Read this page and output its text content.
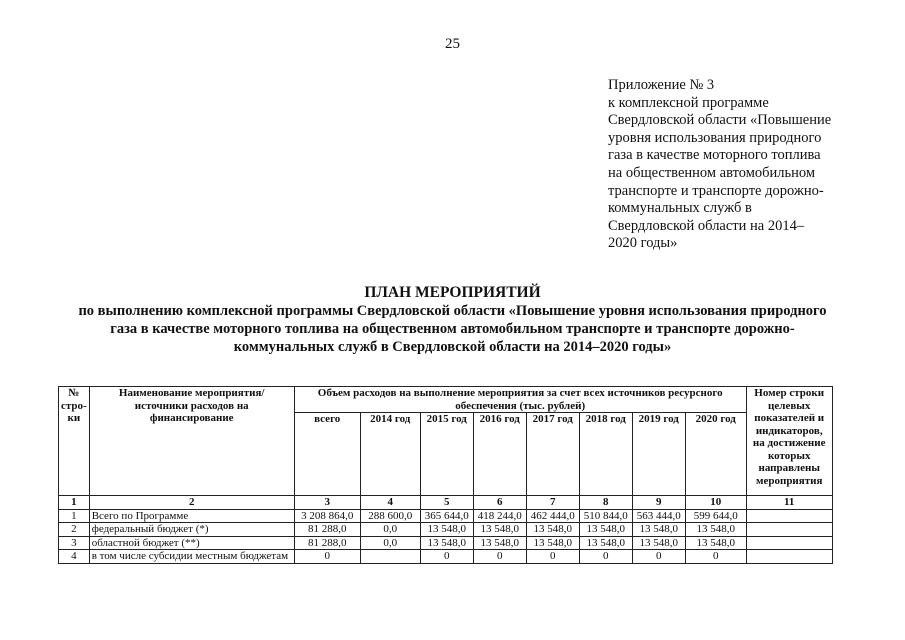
25
Приложение № 3
к комплексной программе
Свердловской области «Повышение
уровня использования природного
газа в качестве моторного топлива
на общественном автомобильном
транспорте и транспорте дорожно-
коммунальных служб в
Свердловской области на 2014–
2020 годы»
ПЛАН МЕРОПРИЯТИЙ
по выполнению комплексной программы Свердловской области «Повышение уровня использования природного
газа в качестве моторного топлива на общественном автомобильном транспорте и транспорте дорожно-
коммунальных служб в Свердловской области на 2014–2020 годы»
№ стро- ки	Наименование мероприятия/ источники расходов на финансирование	Объем расходов на выполнение мероприятия за счет всех источников ресурсного обеспечения (тыс. рублей)								Номер строки целевых показателей и индикаторов, на достижение которых направлены мероприятия
		всего	2014 год	2015 год	2016 год	2017 год	2018 год	2019 год	2020 год	
1	2	3	4	5	6	7	8	9	10	11
1	Всего по Программе	3 208 864,0	288 600,0	365 644,0	418 244,0	462 444,0	510 844,0	563 444,0	599 644,0	
2	федеральный бюджет (*)	81 288,0	0,0	13 548,0	13 548,0	13 548,0	13 548,0	13 548,0	13 548,0	
3	областной бюджет (**)	81 288,0	0,0	13 548,0	13 548,0	13 548,0	13 548,0	13 548,0	13 548,0	
4	в том числе субсидии местным бюджетам	0		0	0	0	0	0	0	
